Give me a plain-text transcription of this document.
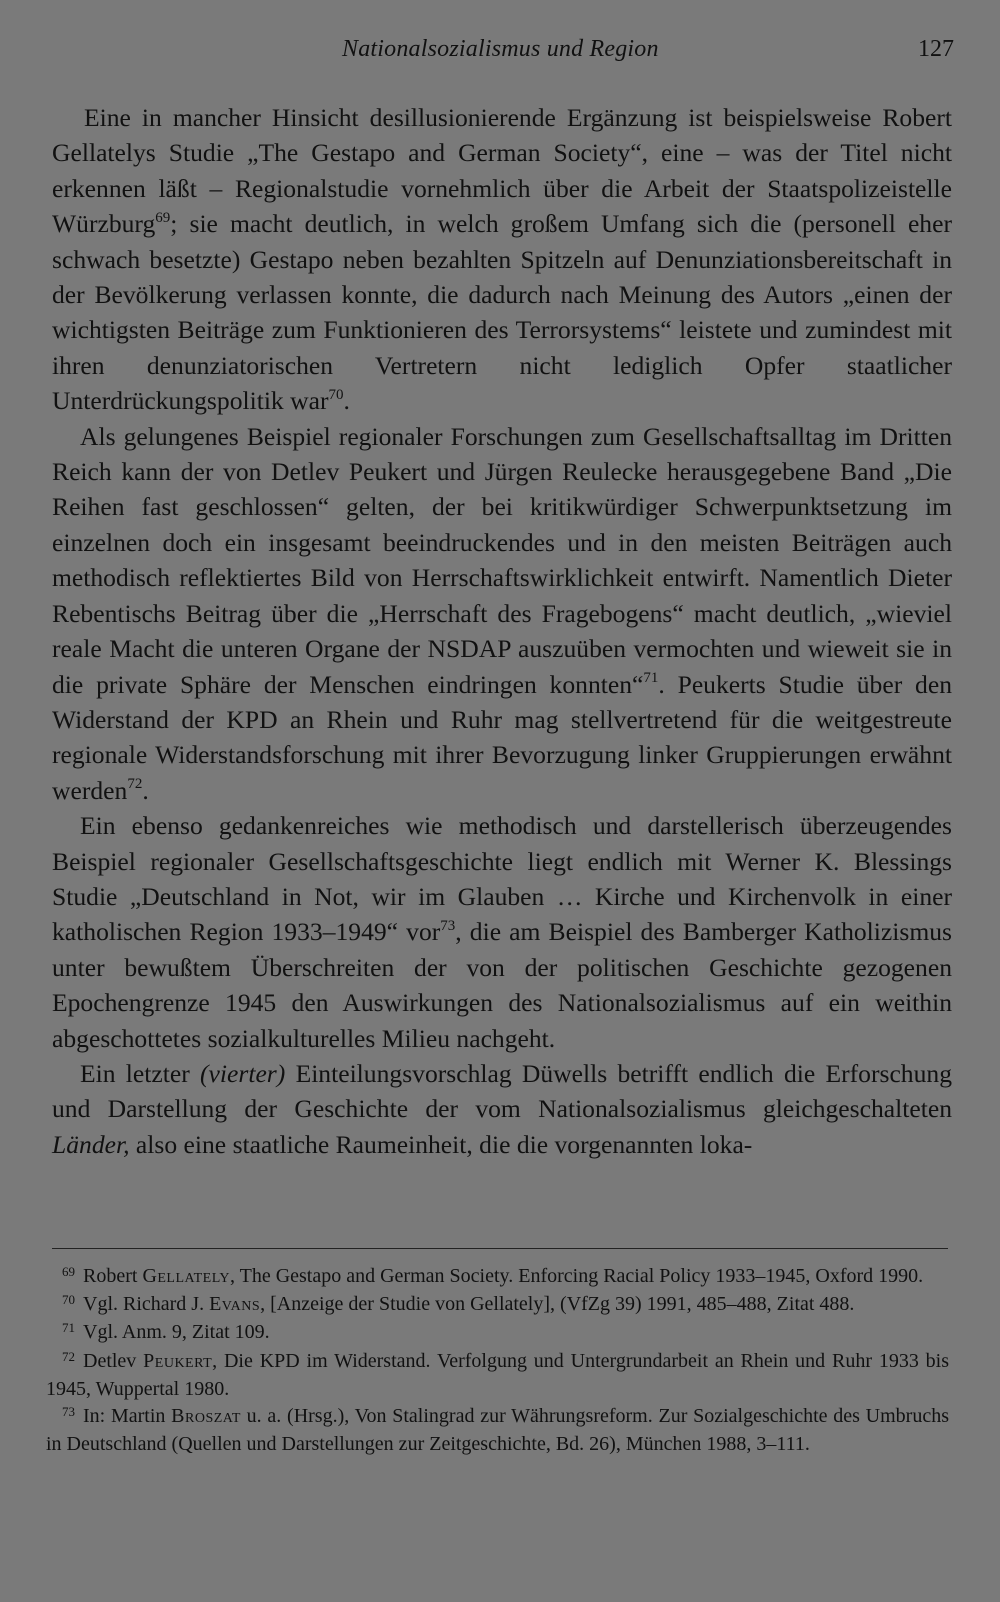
Nationalsozialismus und Region	127

Eine in mancher Hinsicht desillusionierende Ergänzung ist beispielsweise Robert Gellatelys Studie „The Gestapo and German Society“, eine – was der Titel nicht erkennen läßt – Regionalstudie vornehmlich über die Arbeit der Staatspolizeistelle Würzburg$^{69}$; sie macht deutlich, in welch großem Umfang sich die (personell eher schwach besetzte) Gestapo neben bezahlten Spitzeln auf Denunziationsbereitschaft in der Bevölkerung verlassen konnte, die dadurch nach Meinung des Autors „einen der wichtigsten Beiträge zum Funktionieren des Terrorsystems“ leistete und zumindest mit ihren denunziatorischen Vertretern nicht lediglich Opfer staatlicher Unterdrückungspolitik war$^{70}$.

Als gelungenes Beispiel regionaler Forschungen zum Gesellschaftsalltag im Dritten Reich kann der von Detlev Peukert und Jürgen Reulecke herausgegebene Band „Die Reihen fast geschlossen“ gelten, der bei kritikwürdiger Schwerpunktsetzung im einzelnen doch ein insgesamt beeindruckendes und in den meisten Beiträgen auch methodisch reflektiertes Bild von Herrschaftswirklichkeit entwirft. Namentlich Dieter Rebentischs Beitrag über die „Herrschaft des Fragebogens“ macht deutlich, „wieviel reale Macht die unteren Organe der NSDAP auszuüben vermochten und wieweit sie in die private Sphäre der Menschen eindringen konnten“$^{71}$. Peukerts Studie über den Widerstand der KPD an Rhein und Ruhr mag stellvertretend für die weitgestreute regionale Widerstandsforschung mit ihrer Bevorzugung linker Gruppierungen erwähnt werden$^{72}$.

Ein ebenso gedankenreiches wie methodisch und darstellerisch überzeugendes Beispiel regionaler Gesellschaftsgeschichte liegt endlich mit Werner K. Blessings Studie „Deutschland in Not, wir im Glauben … Kirche und Kirchenvolk in einer katholischen Region 1933–1949“ vor$^{73}$, die am Beispiel des Bamberger Katholizismus unter bewußtem Überschreiten der von der politischen Geschichte gezogenen Epochengrenze 1945 den Auswirkungen des Nationalsozialismus auf ein weithin abgeschottetes sozialkulturelles Milieu nachgeht.

Ein letzter (vierter) Einteilungsvorschlag Düwells betrifft endlich die Erforschung und Darstellung der Geschichte der vom Nationalsozialismus gleichgeschalteten Länder, also eine staatliche Raumeinheit, die die vorgenannten loka-

$^{69}$ Robert Gellately, The Gestapo and German Society. Enforcing Racial Policy 1933–1945, Oxford 1990.

$^{70}$ Vgl. Richard J. Evans, [Anzeige der Studie von Gellately], (VfZg 39) 1991, 485–488, Zitat 488.

$^{71}$ Vgl. Anm. 9, Zitat 109.

$^{72}$ Detlev Peukert, Die KPD im Widerstand. Verfolgung und Untergrundarbeit an Rhein und Ruhr 1933 bis 1945, Wuppertal 1980.

$^{73}$ In: Martin Broszat u. a. (Hrsg.), Von Stalingrad zur Währungsreform. Zur Sozialgeschichte des Umbruchs in Deutschland (Quellen und Darstellungen zur Zeitgeschichte, Bd. 26), München 1988, 3–111.
